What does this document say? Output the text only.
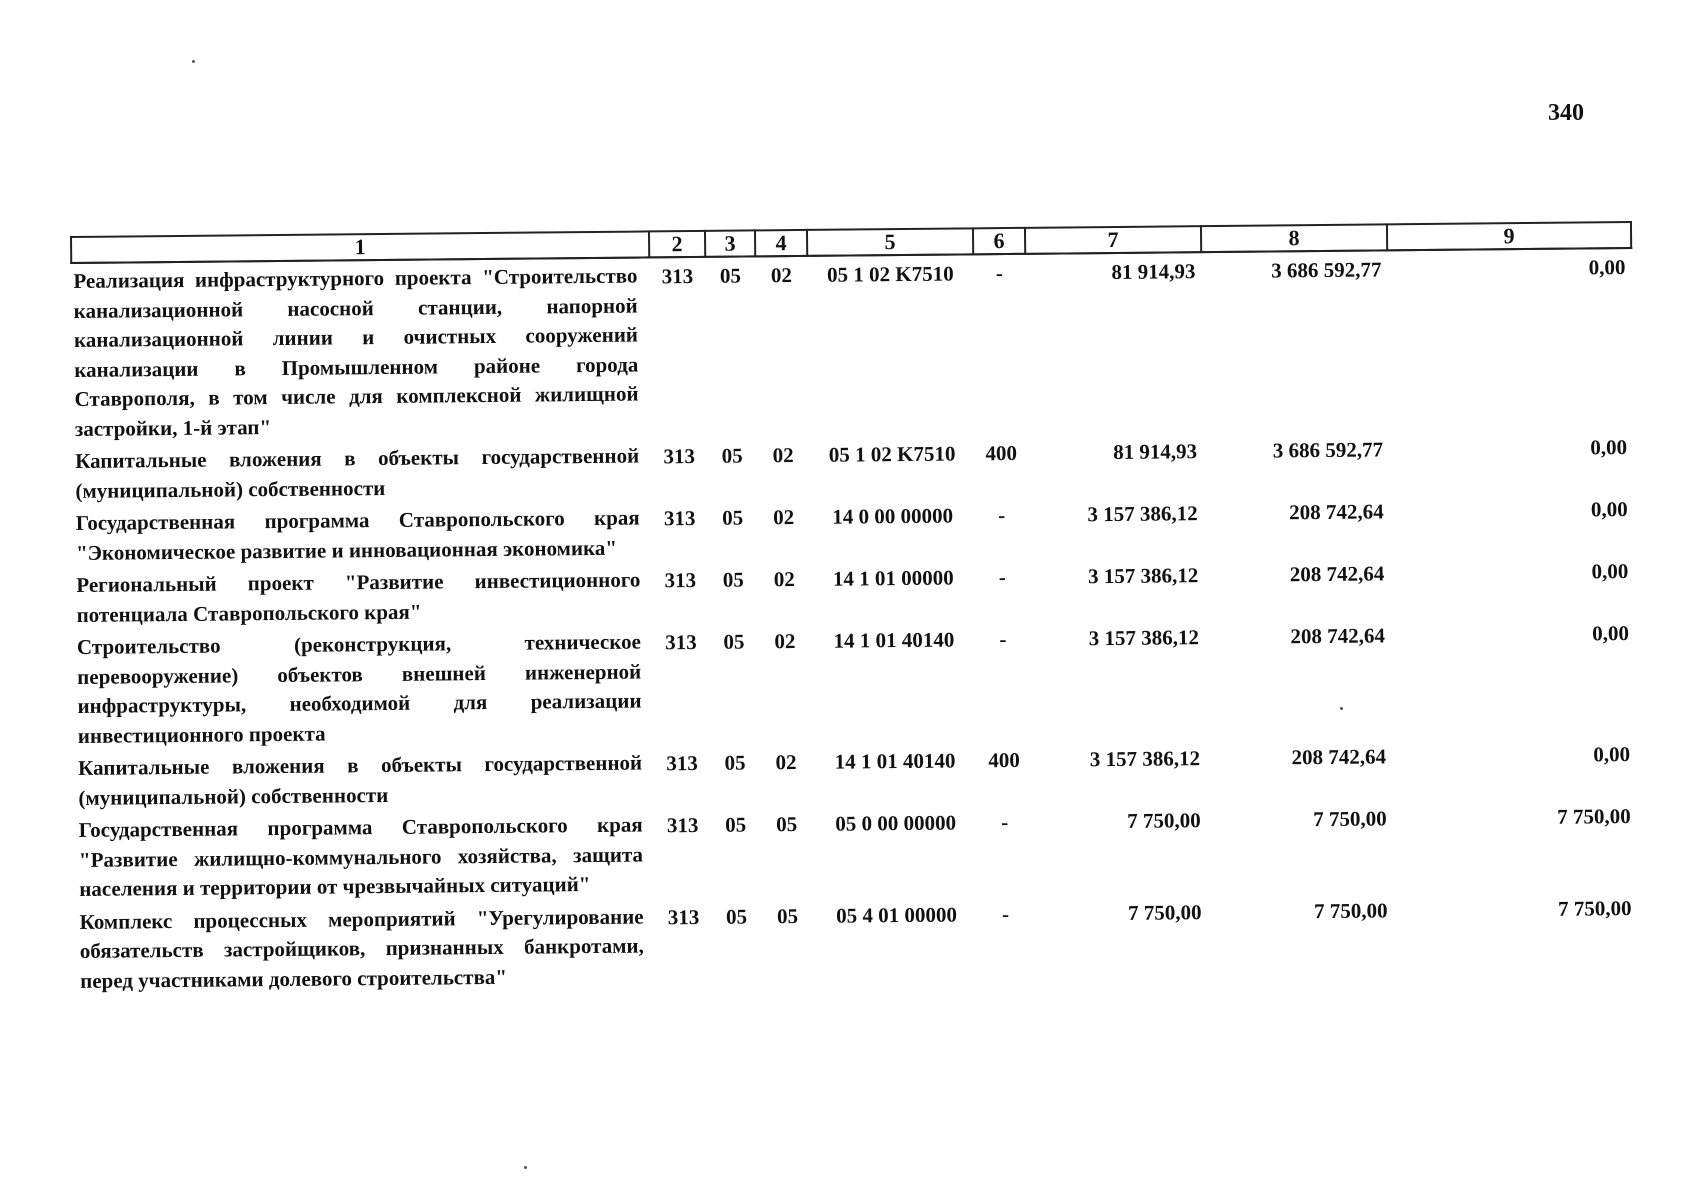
340
1	2	3	4	5	6	7	8	9
Реализация инфраструктурного проекта "Строительство канализационной насосной станции, напорной канализационной линии и очистных сооружений канализации в Промышленном районе города Ставрополя, в том числе для комплексной жилищной застройки, 1-й этап"	313	05	02	05 1 02 K7510	-	81 914,93	3 686 592,77	0,00
Капитальные вложения в объекты государственной (муниципальной) собственности	313	05	02	05 1 02 K7510	400	81 914,93	3 686 592,77	0,00
Государственная программа Ставропольского края "Экономическое развитие и инновационная экономика"	313	05	02	14 0 00 00000	-	3 157 386,12	208 742,64	0,00
Региональный проект "Развитие инвестиционного потенциала Ставропольского края"	313	05	02	14 1 01 00000	-	3 157 386,12	208 742,64	0,00
Строительство (реконструкция, техническое перевооружение) объектов внешней инженерной инфраструктуры, необходимой для реализации инвестиционного проекта	313	05	02	14 1 01 40140	-	3 157 386,12	208 742,64	0,00
Капитальные вложения в объекты государственной (муниципальной) собственности	313	05	02	14 1 01 40140	400	3 157 386,12	208 742,64	0,00
Государственная программа Ставропольского края "Развитие жилищно-коммунального хозяйства, защита населения и территории от чрезвычайных ситуаций"	313	05	05	05 0 00 00000	-	7 750,00	7 750,00	7 750,00
Комплекс процессных мероприятий "Урегулирование обязательств застройщиков, признанных банкротами, перед участниками долевого строительства"	313	05	05	05 4 01 00000	-	7 750,00	7 750,00	7 750,00
